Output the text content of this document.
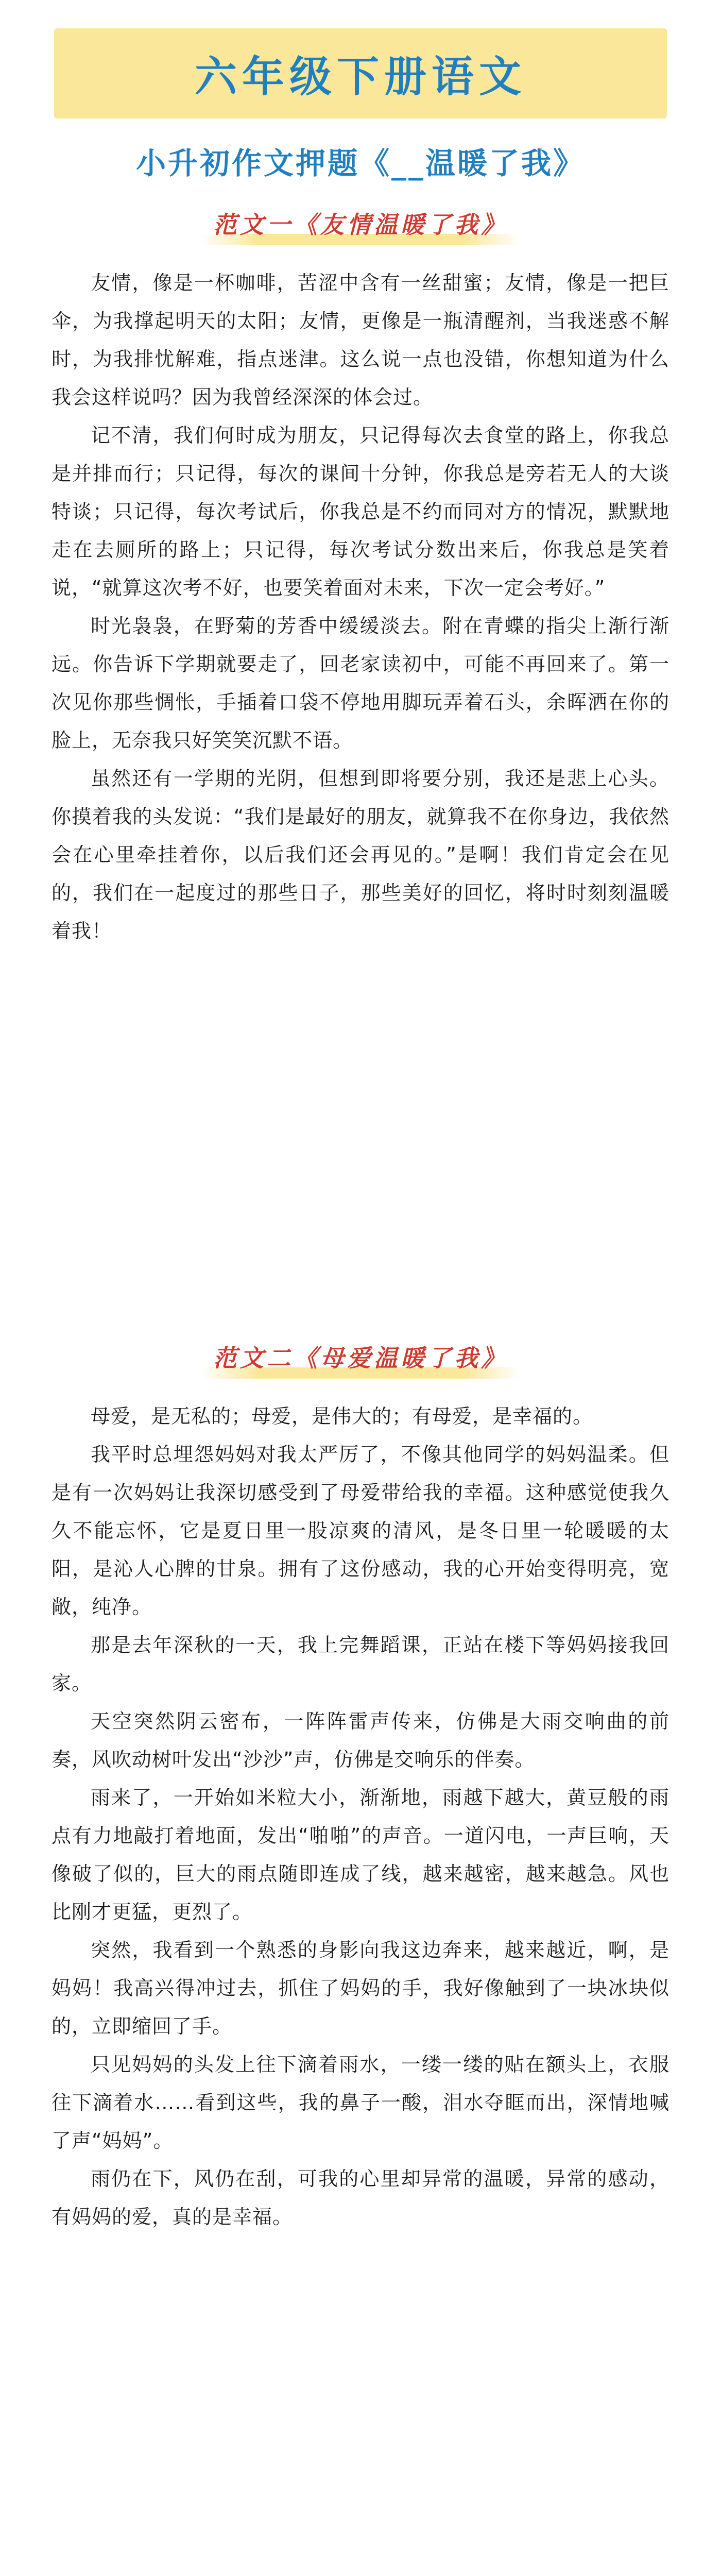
六年级下册语文
小升初作文押题《__温暖了我》
范文一《友情温暖了我》

友情，像是一杯咖啡，苦涩中含有一丝甜蜜；友情，像是一把巨伞，为我撑起明天的太阳；友情，更像是一瓶清醒剂，当我迷惑不解时，为我排忧解难，指点迷津。这么说一点也没错，你想知道为什么我会这样说吗？因为我曾经深深的体会过。

记不清，我们何时成为朋友，只记得每次去食堂的路上，你我总是并排而行；只记得，每次的课间十分钟，你我总是旁若无人的大谈特谈；只记得，每次考试后，你我总是不约而同对方的情况，默默地走在去厕所的路上；只记得，每次考试分数出来后，你我总是笑着说，“就算这次考不好，也要笑着面对未来，下次一定会考好。”

时光袅袅，在野菊的芳香中缓缓淡去。附在青蝶的指尖上渐行渐远。你告诉下学期就要走了，回老家读初中，可能不再回来了。第一次见你那些惆怅，手插着口袋不停地用脚玩弄着石头，余晖洒在你的脸上，无奈我只好笑笑沉默不语。

虽然还有一学期的光阴，但想到即将要分别，我还是悲上心头。你摸着我的头发说：“我们是最好的朋友，就算我不在你身边，我依然会在心里牵挂着你，以后我们还会再见的。”是啊！我们肯定会在见的，我们在一起度过的那些日子，那些美好的回忆，将时时刻刻温暖着我！

范文二《母爱温暖了我》

母爱，是无私的；母爱，是伟大的；有母爱，是幸福的。

我平时总埋怨妈妈对我太严厉了，不像其他同学的妈妈温柔。但是有一次妈妈让我深切感受到了母爱带给我的幸福。这种感觉使我久久不能忘怀，它是夏日里一股凉爽的清风，是冬日里一轮暖暖的太阳，是沁人心脾的甘泉。拥有了这份感动，我的心开始变得明亮，宽敞，纯净。

那是去年深秋的一天，我上完舞蹈课，正站在楼下等妈妈接我回家。

天空突然阴云密布，一阵阵雷声传来，仿佛是大雨交响曲的前奏，风吹动树叶发出“沙沙”声，仿佛是交响乐的伴奏。

雨来了，一开始如米粒大小，渐渐地，雨越下越大，黄豆般的雨点有力地敲打着地面，发出“啪啪”的声音。一道闪电，一声巨响，天像破了似的，巨大的雨点随即连成了线，越来越密，越来越急。风也比刚才更猛，更烈了。

突然，我看到一个熟悉的身影向我这边奔来，越来越近，啊，是妈妈！我高兴得冲过去，抓住了妈妈的手，我好像触到了一块冰块似的，立即缩回了手。

只见妈妈的头发上往下滴着雨水，一缕一缕的贴在额头上，衣服往下滴着水……看到这些，我的鼻子一酸，泪水夺眶而出，深情地喊了声“妈妈”。

雨仍在下，风仍在刮，可我的心里却异常的温暖，异常的感动，有妈妈的爱，真的是幸福。
